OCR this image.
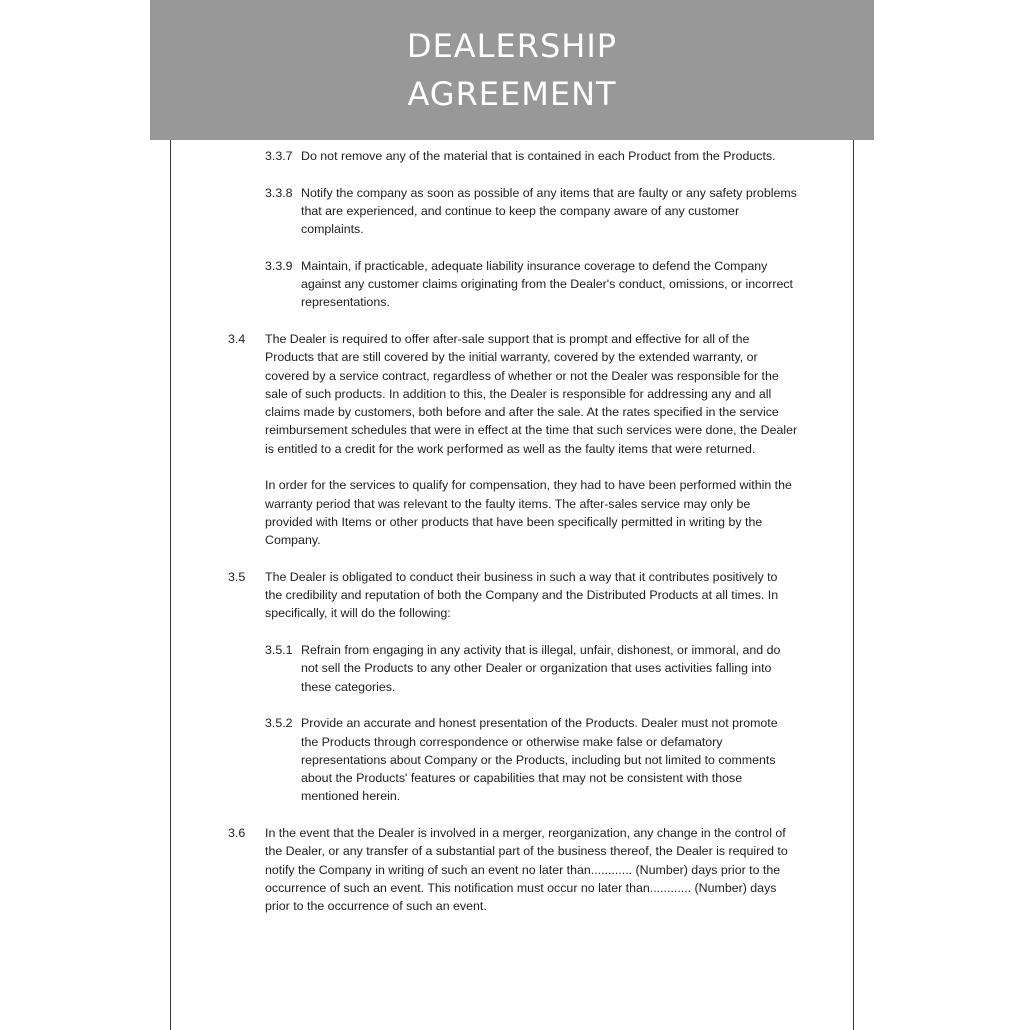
DEALERSHIP
AGREEMENT

3.3.7 Do not remove any of the material that is contained in each Product from the Products.

3.3.8 Notify the company as soon as possible of any items that are faulty or any safety problems that are experienced, and continue to keep the company aware of any customer complaints.

3.3.9 Maintain, if practicable, adequate liability insurance coverage to defend the Company against any customer claims originating from the Dealer's conduct, omissions, or incorrect representations.

3.4 The Dealer is required to offer after-sale support that is prompt and effective for all of the Products that are still covered by the initial warranty, covered by the extended warranty, or covered by a service contract, regardless of whether or not the Dealer was responsible for the sale of such products. In addition to this, the Dealer is responsible for addressing any and all claims made by customers, both before and after the sale. At the rates specified in the service reimbursement schedules that were in effect at the time that such services were done, the Dealer is entitled to a credit for the work performed as well as the faulty items that were returned.

In order for the services to qualify for compensation, they had to have been performed within the warranty period that was relevant to the faulty items. The after-sales service may only be provided with Items or other products that have been specifically permitted in writing by the Company.

3.5 The Dealer is obligated to conduct their business in such a way that it contributes positively to the credibility and reputation of both the Company and the Distributed Products at all times. In specifically, it will do the following:

3.5.1 Refrain from engaging in any activity that is illegal, unfair, dishonest, or immoral, and do not sell the Products to any other Dealer or organization that uses activities falling into these categories.

3.5.2 Provide an accurate and honest presentation of the Products. Dealer must not promote the Products through correspondence or otherwise make false or defamatory representations about Company or the Products, including but not limited to comments about the Products' features or capabilities that may not be consistent with those mentioned herein.

3.6 In the event that the Dealer is involved in a merger, reorganization, any change in the control of the Dealer, or any transfer of a substantial part of the business thereof, the Dealer is required to notify the Company in writing of such an event no later than............ (Number) days prior to the occurrence of such an event. This notification must occur no later than............ (Number) days prior to the occurrence of such an event.
